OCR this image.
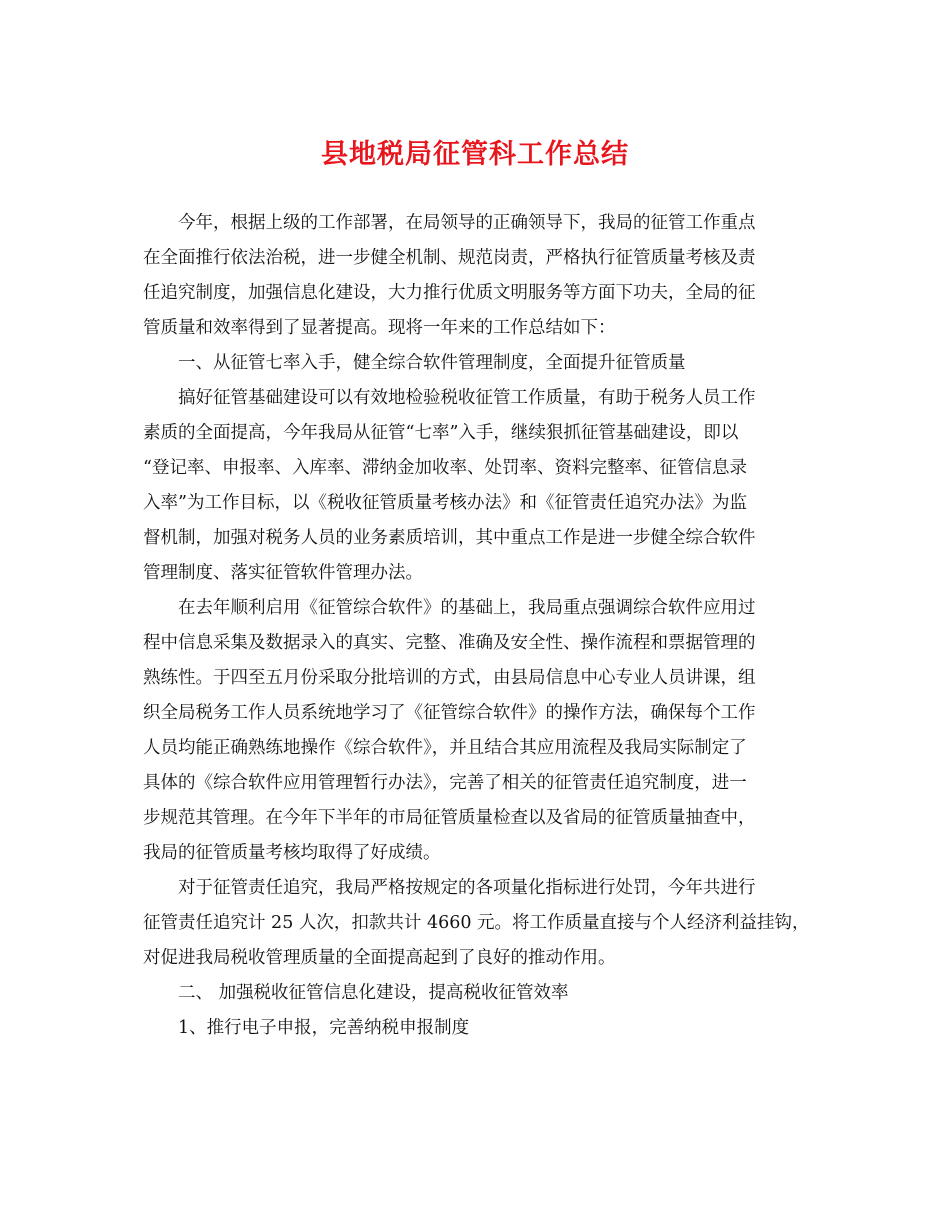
县地税局征管科工作总结
今年，根据上级的工作部署，在局领导的正确领导下，我局的征管工作重点
在全面推行依法治税，进一步健全机制、规范岗责，严格执行征管质量考核及责
任追究制度，加强信息化建设，大力推行优质文明服务等方面下功夫，全局的征
管质量和效率得到了显著提高。现将一年来的工作总结如下：
一、从征管七率入手，健全综合软件管理制度，全面提升征管质量
搞好征管基础建设可以有效地检验税收征管工作质量，有助于税务人员工作
素质的全面提高，今年我局从征管“七率”入手，继续狠抓征管基础建设，即以
“登记率、申报率、入库率、滞纳金加收率、处罚率、资料完整率、征管信息录
入率”为工作目标，以《税收征管质量考核办法》和《征管责任追究办法》为监
督机制，加强对税务人员的业务素质培训，其中重点工作是进一步健全综合软件
管理制度、落实征管软件管理办法。
在去年顺利启用《征管综合软件》的基础上，我局重点强调综合软件应用过
程中信息采集及数据录入的真实、完整、准确及安全性、操作流程和票据管理的
熟练性。于四至五月份采取分批培训的方式，由县局信息中心专业人员讲课，组
织全局税务工作人员系统地学习了《征管综合软件》的操作方法，确保每个工作
人员均能正确熟练地操作《综合软件》，并且结合其应用流程及我局实际制定了
具体的《综合软件应用管理暂行办法》，完善了相关的征管责任追究制度，进一
步规范其管理。在今年下半年的市局征管质量检查以及省局的征管质量抽查中，
我局的征管质量考核均取得了好成绩。
对于征管责任追究，我局严格按规定的各项量化指标进行处罚，今年共进行
征管责任追究计 25 人次，扣款共计 4660 元。将工作质量直接与个人经济利益挂钩，
对促进我局税收管理质量的全面提高起到了良好的推动作用。
二、 加强税收征管信息化建设，提高税收征管效率
1、推行电子申报，完善纳税申报制度
